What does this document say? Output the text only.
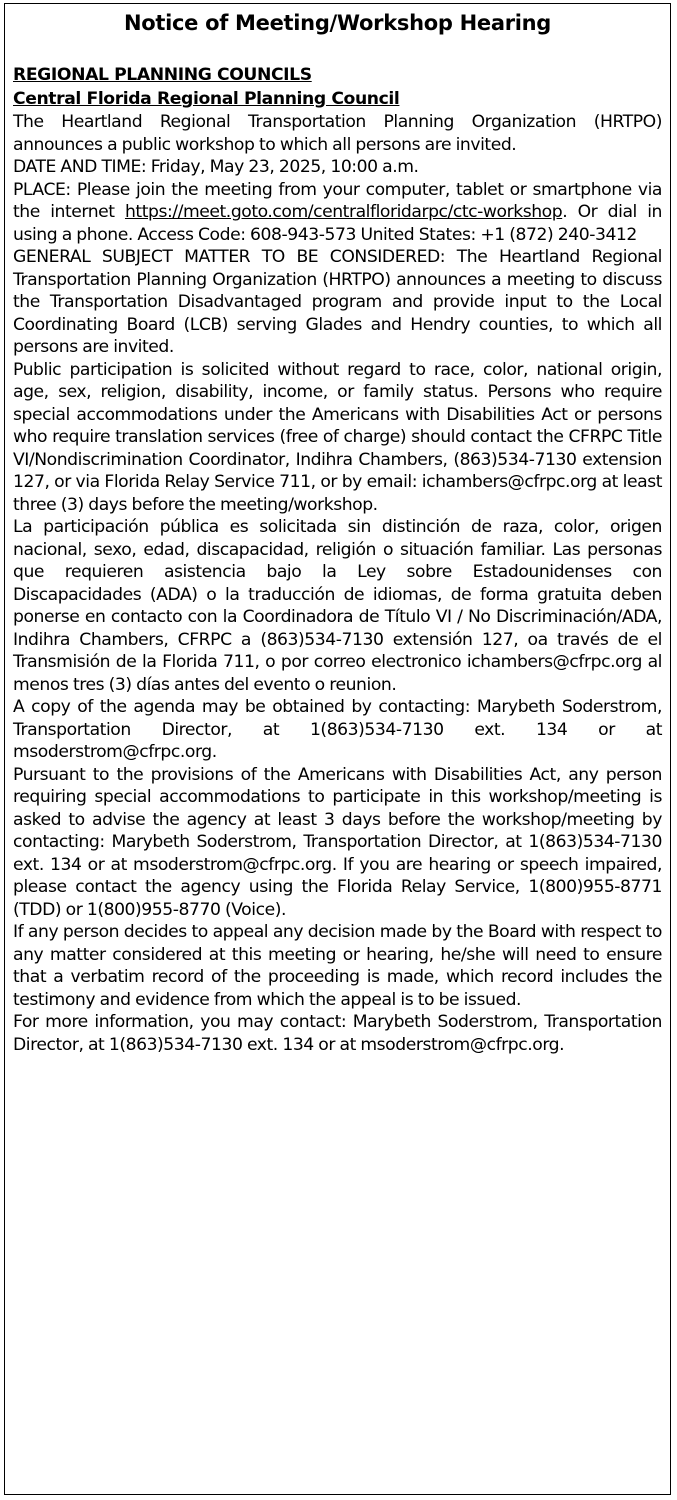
Notice of Meeting/Workshop Hearing
REGIONAL PLANNING COUNCILS
Central Florida Regional Planning Council

The Heartland Regional Transportation Planning Organization (HRTPO) announces a public workshop to which all persons are invited.

DATE AND TIME: Friday, May 23, 2025, 10:00 a.m.

PLACE: Please join the meeting from your computer, tablet or smartphone via the internet https://meet.goto.com/centralfloridarpc/ctc-workshop. Or dial in using a phone. Access Code: 608-943-573 United States: +1 (872) 240-3412

GENERAL SUBJECT MATTER TO BE CONSIDERED: The Heartland Regional Transportation Planning Organization (HRTPO) announces a meeting to discuss the Transportation Disadvantaged program and provide input to the Local Coordinating Board (LCB) serving Glades and Hendry counties, to which all persons are invited.

Public participation is solicited without regard to race, color, national origin, age, sex, religion, disability, income, or family status. Persons who require special accommodations under the Americans with Disabilities Act or persons who require translation services (free of charge) should contact the CFRPC Title VI/Nondiscrimination Coordinator, Indihra Chambers, (863)534-7130 extension 127, or via Florida Relay Service 711, or by email: ichambers@cfrpc.org at least three (3) days before the meeting/workshop.

La participación pública es solicitada sin distinción de raza, color, origen nacional, sexo, edad, discapacidad, religión o situación familiar. Las personas que requieren asistencia bajo la Ley sobre Estadounidenses con Discapacidades (ADA) o la traducción de idiomas, de forma gratuita deben ponerse en contacto con la Coordinadora de Título VI / No Discriminación/ADA, Indihra Chambers, CFRPC a (863)534-7130 extensión 127, oa través de el Transmisión de la Florida 711, o por correo electronico ichambers@cfrpc.org al menos tres (3) días antes del evento o reunion.

A copy of the agenda may be obtained by contacting: Marybeth Soderstrom, Transportation Director, at 1(863)534-7130 ext. 134 or at msoderstrom@cfrpc.org.

Pursuant to the provisions of the Americans with Disabilities Act, any person requiring special accommodations to participate in this workshop/meeting is asked to advise the agency at least 3 days before the workshop/meeting by contacting: Marybeth Soderstrom, Transportation Director, at 1(863)534-7130 ext. 134 or at msoderstrom@cfrpc.org. If you are hearing or speech impaired, please contact the agency using the Florida Relay Service, 1(800)955-8771 (TDD) or 1(800)955-8770 (Voice).

If any person decides to appeal any decision made by the Board with respect to any matter considered at this meeting or hearing, he/she will need to ensure that a verbatim record of the proceeding is made, which record includes the testimony and evidence from which the appeal is to be issued.

For more information, you may contact: Marybeth Soderstrom, Transportation Director, at 1(863)534-7130 ext. 134 or at msoderstrom@cfrpc.org.
